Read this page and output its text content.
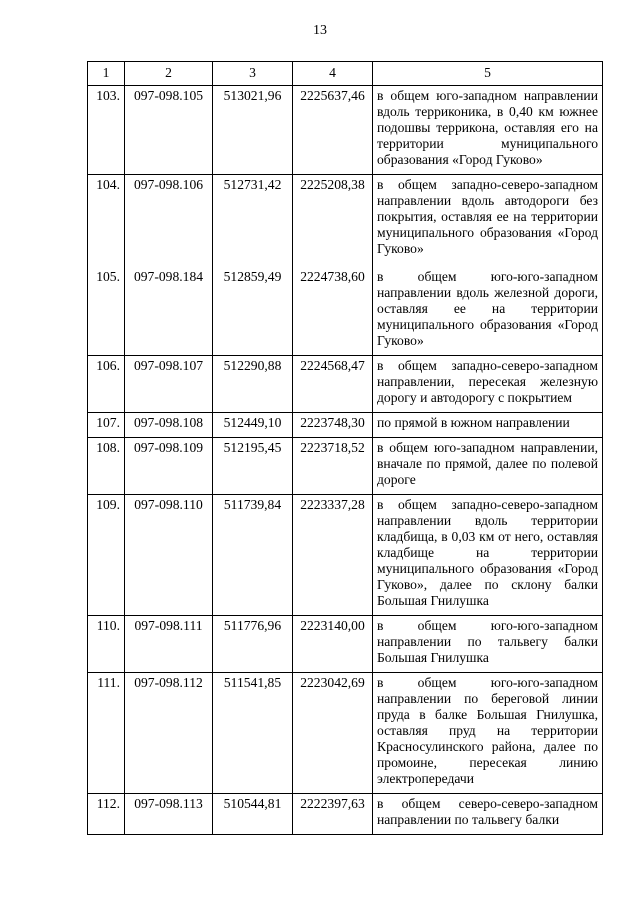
13
1	2	3	4	5
103.	097-098.105	513021,96	2225637,46	в общем юго-западном направлении вдоль терриконика, в 0,40 км южнее подошвы террикона, оставляя его на территории муниципального образования «Город Гуково»
104.	097-098.106	512731,42	2225208,38	в общем западно-северо-западном направлении вдоль автодороги без покрытия, оставляя ее на территории муниципального образования «Город Гуково»
105.	097-098.184	512859,49	2224738,60	в общем юго-юго-западном направлении вдоль железной дороги, оставляя ее на территории муниципального образования «Город Гуково»
106.	097-098.107	512290,88	2224568,47	в общем западно-северо-западном направлении, пересекая железную дорогу и автодорогу с покрытием
107.	097-098.108	512449,10	2223748,30	по прямой в южном направлении
108.	097-098.109	512195,45	2223718,52	в общем юго-западном направлении, вначале по прямой, далее по полевой дороге
109.	097-098.110	511739,84	2223337,28	в общем западно-северо-западном направлении вдоль территории кладбища, в 0,03 км от него, оставляя кладбище на территории муниципального образования «Город Гуково», далее по склону балки Большая Гнилушка
110.	097-098.111	511776,96	2223140,00	в общем юго-юго-западном направлении по тальвегу балки Большая Гнилушка
111.	097-098.112	511541,85	2223042,69	в общем юго-юго-западном направлении по береговой линии пруда в балке Большая Гнилушка, оставляя пруд на территории Красносулинского района, далее по промоине, пересекая линию электропередачи
112.	097-098.113	510544,81	2222397,63	в общем северо-северо-западном направлении по тальвегу балки
